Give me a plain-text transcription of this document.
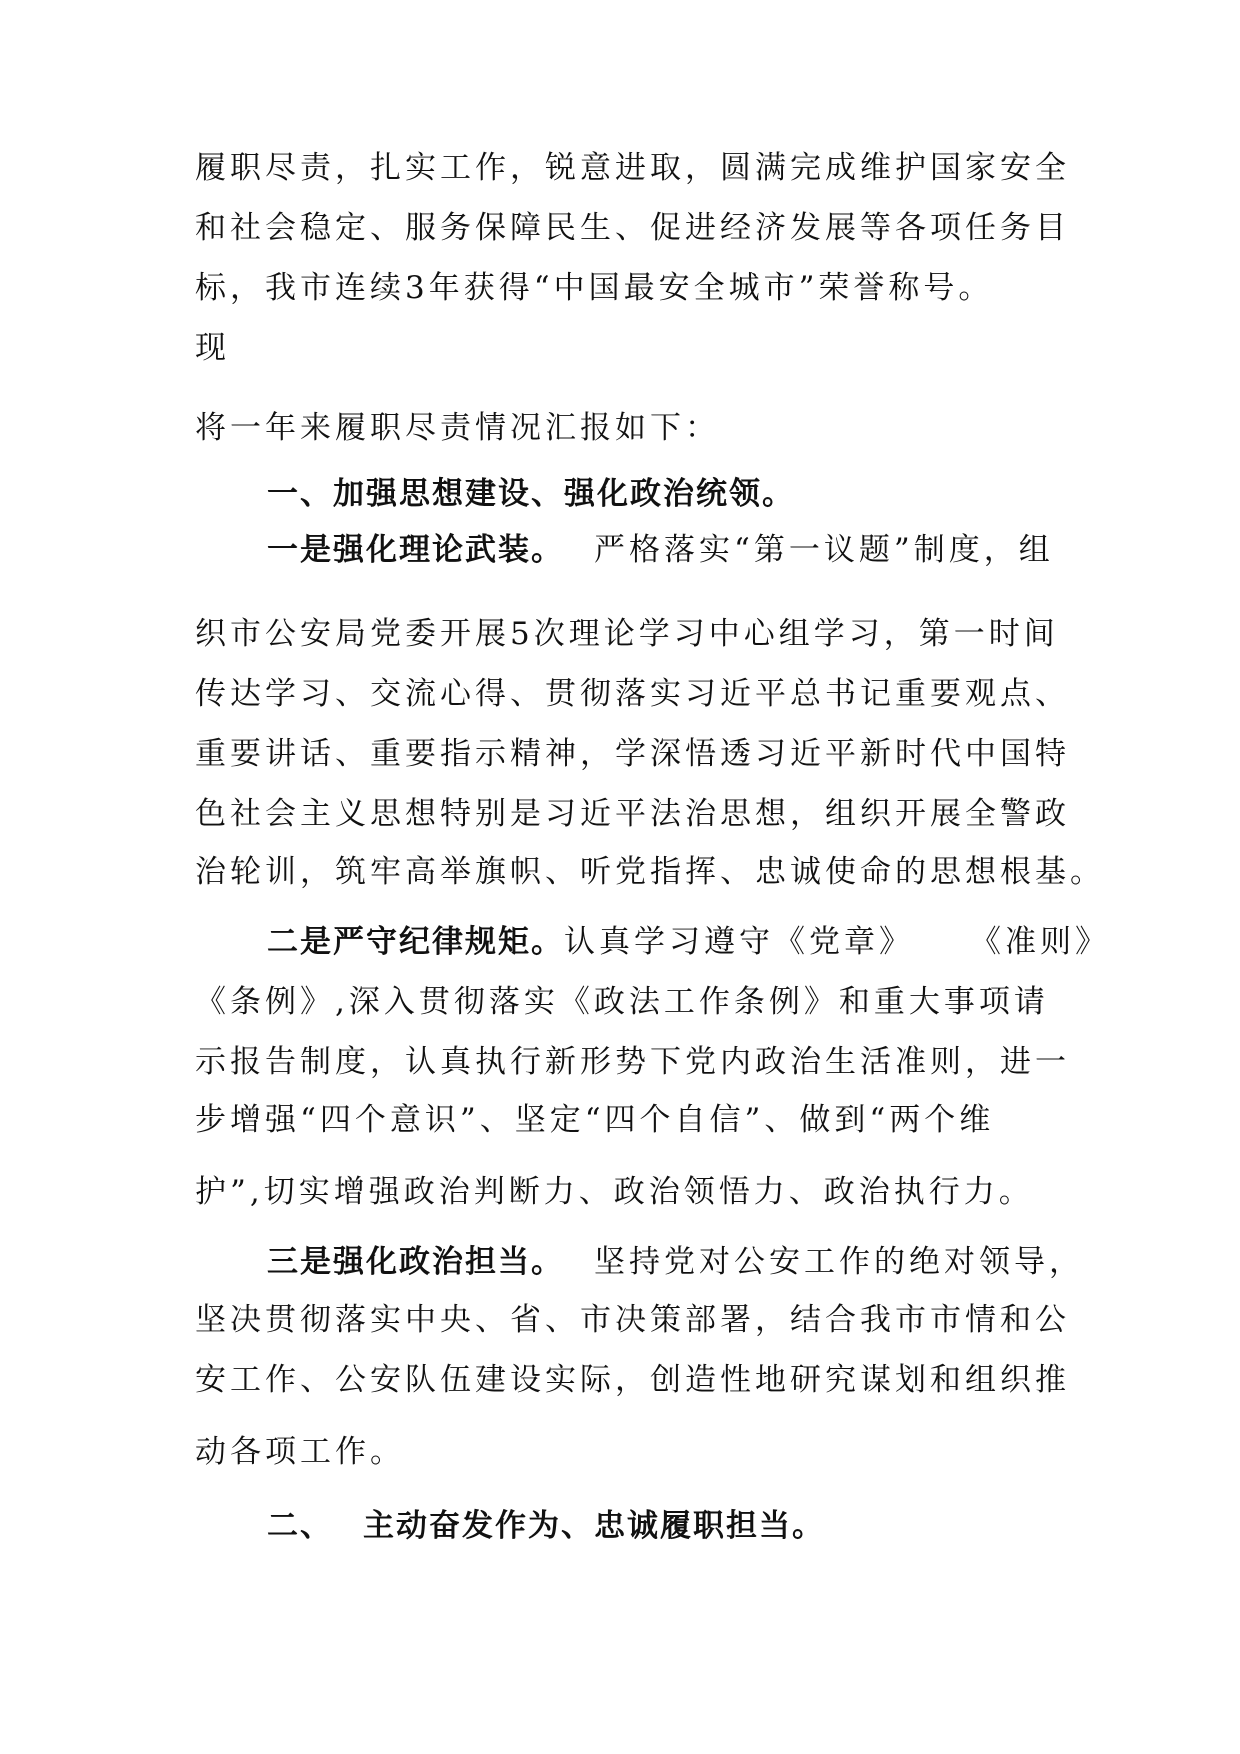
履职尽责，扎实工作，锐意进取，圆满完成维护国家安全
和社会稳定、服务保障民生、促进经济发展等各项任务目
标，我市连续3年获得“中国最安全城市”荣誉称号。
现
将一年来履职尽责情况汇报如下：
一、加强思想建设、强化政治统领。
一是强化理论武装。 严格落实“第一议题”制度，组
织市公安局党委开展5次理论学习中心组学习，第一时间
传达学习、交流心得、贯彻落实习近平总书记重要观点、
重要讲话、重要指示精神，学深悟透习近平新时代中国特
色社会主义思想特别是习近平法治思想，组织开展全警政
治轮训，筑牢高举旗帜、听党指挥、忠诚使命的思想根基。
二是严守纪律规矩。认真学习遵守《党章》 《准则》
《条例》,深入贯彻落实《政法工作条例》和重大事项请
示报告制度，认真执行新形势下党内政治生活准则，进一
步增强“四个意识”、坚定“四个自信”、做到“两个维
护”,切实增强政治判断力、政治领悟力、政治执行力。
三是强化政治担当。 坚持党对公安工作的绝对领导，
坚决贯彻落实中央、省、市决策部署，结合我市市情和公
安工作、公安队伍建设实际，创造性地研究谋划和组织推
动各项工作。
二、 主动奋发作为、忠诚履职担当。
